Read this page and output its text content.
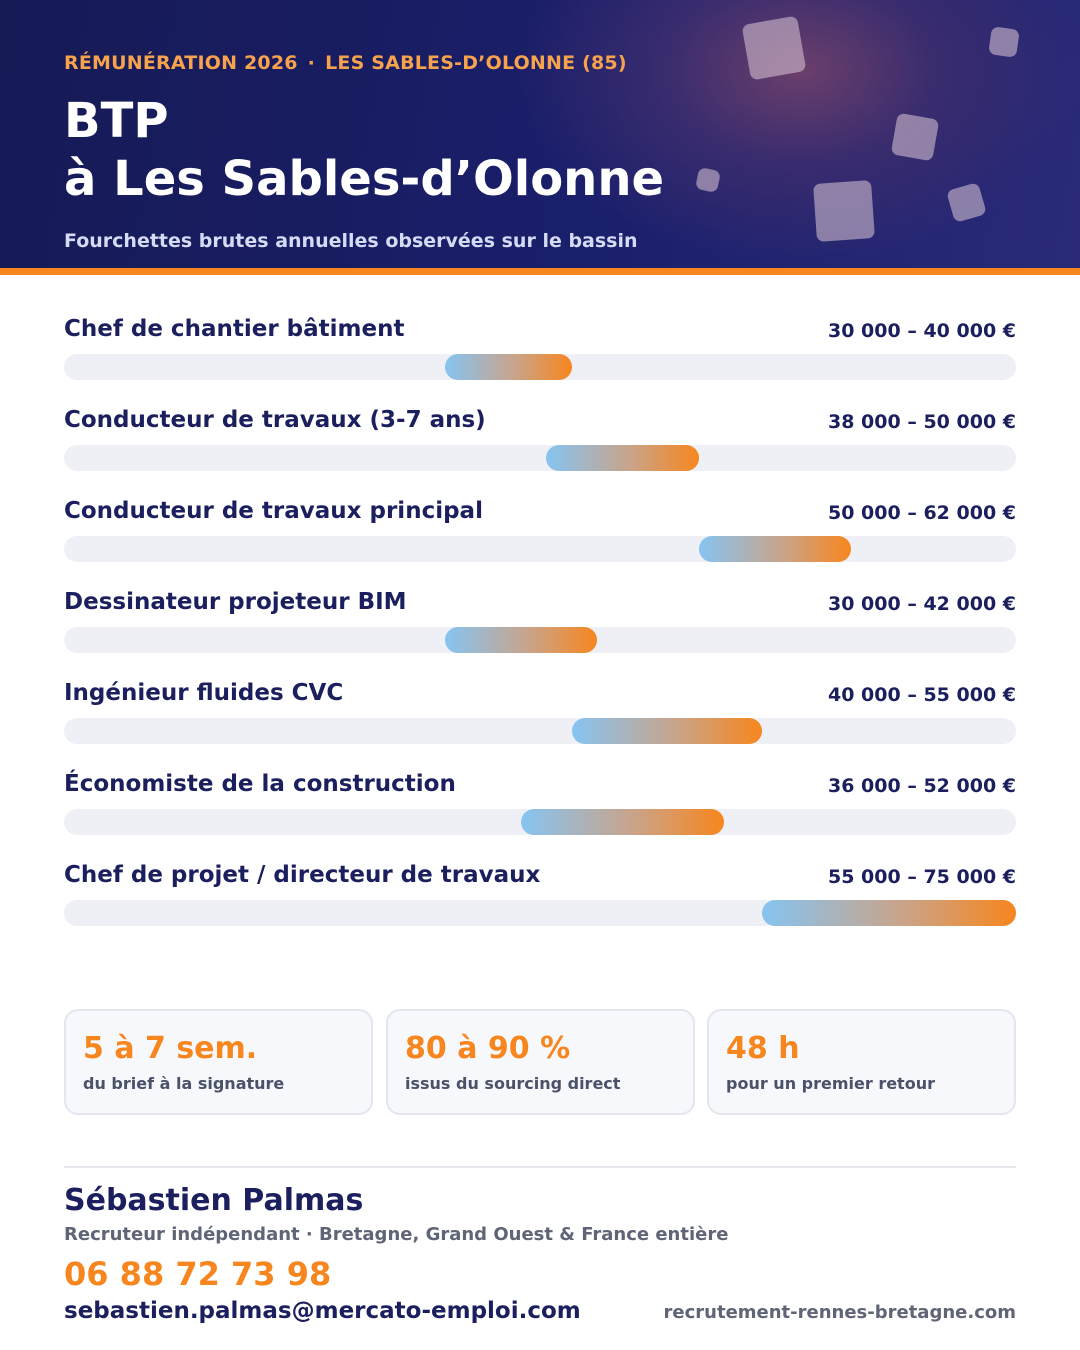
RÉMUNÉRATION 2026 · LES SABLES-D’OLONNE (85)
BTP
à Les Sables-d’Olonne
Fourchettes brutes annuelles observées sur le bassin
Chef de chantier bâtiment	30 000 – 40 000 €
Conducteur de travaux (3-7 ans)	38 000 – 50 000 €
Conducteur de travaux principal	50 000 – 62 000 €
Dessinateur projeteur BIM	30 000 – 42 000 €
Ingénieur fluides CVC	40 000 – 55 000 €
Économiste de la construction	36 000 – 52 000 €
Chef de projet / directeur de travaux	55 000 – 75 000 €
5 à 7 sem.
du brief à la signature
80 à 90 %
issus du sourcing direct
48 h
pour un premier retour
Sébastien Palmas
Recruteur indépendant · Bretagne, Grand Ouest & France entière
06 88 72 73 98
sebastien.palmas@mercato-emploi.com	recrutement-rennes-bretagne.com
